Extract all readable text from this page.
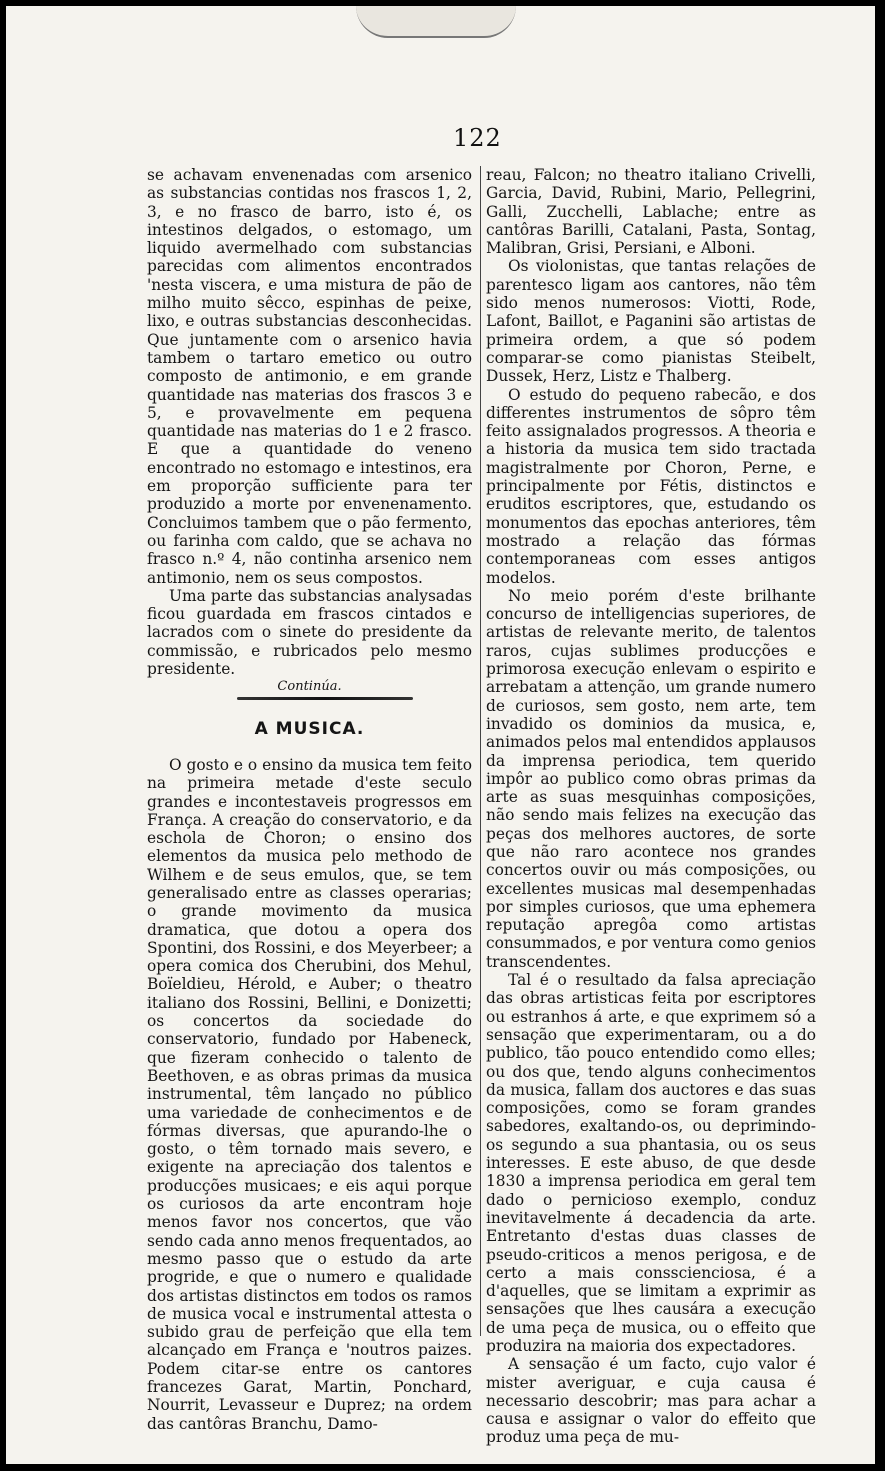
122

se achavam envenenadas com arsenico as substancias contidas nos frascos 1, 2, 3, e no frasco de barro, isto é, os intestinos delgados, o estomago, um liquido avermelhado com substancias parecidas com alimentos encontrados 'nesta viscera, e uma mistura de pão de milho muito sêcco, espinhas de peixe, lixo, e outras substancias desconhecidas. Que juntamente com o arsenico havia tambem o tartaro emetico ou outro composto de antimonio, e em grande quantidade nas materias dos frascos 3 e 5, e provavelmente em pequena quantidade nas materias do 1 e 2 frasco. E que a quantidade do veneno encontrado no estomago e intestinos, era em proporção sufficiente para ter produzido a morte por envenenamento. Concluimos tambem que o pão fermento, ou farinha com caldo, que se achava no frasco n.º 4, não continha arsenico nem antimonio, nem os seus compostos.

Uma parte das substancias analysadas ficou guardada em frascos cintados e lacrados com o sinete do presidente da commissão, e rubricados pelo mesmo presidente.

Continúa.

A MUSICA.

O gosto e o ensino da musica tem feito na primeira metade d'este seculo grandes e incontestaveis progressos em França. A creação do conservatorio, e da eschola de Choron; o ensino dos elementos da musica pelo methodo de Wilhem e de seus emulos, que, se tem generalisado entre as classes operarias; o grande movimento da musica dramatica, que dotou a opera dos Spontini, dos Rossini, e dos Meyerbeer; a opera comica dos Cherubini, dos Mehul, Boïeldieu, Hérold, e Auber; o theatro italiano dos Rossini, Bellini, e Donizetti; os concertos da sociedade do conservatorio, fundado por Habeneck, que fizeram conhecido o talento de Beethoven, e as obras primas da musica instrumental, têm lançado no público uma variedade de conhecimentos e de fórmas diversas, que apurando-lhe o gosto, o têm tornado mais severo, e exigente na apreciação dos talentos e producções musicaes; e eis aqui porque os curiosos da arte encontram hoje menos favor nos concertos, que vão sendo cada anno menos frequentados, ao mesmo passo que o estudo da arte progride, e que o numero e qualidade dos artistas distinctos em todos os ramos de musica vocal e instrumental attesta o subido grau de perfeição que ella tem alcançado em França e 'noutros paizes. Podem citar-se entre os cantores francezes Garat, Martin, Ponchard, Nourrit, Levasseur e Duprez; na ordem das cantôras Branchu, Damo-

reau, Falcon; no theatro italiano Crivelli, Garcia, David, Rubini, Mario, Pellegrini, Galli, Zucchelli, Lablache; entre as cantôras Barilli, Catalani, Pasta, Sontag, Malibran, Grisi, Persiani, e Alboni.

Os violonistas, que tantas relações de parentesco ligam aos cantores, não têm sido menos numerosos: Viotti, Rode, Lafont, Baillot, e Paganini são artistas de primeira ordem, a que só podem comparar-se como pianistas Steibelt, Dussek, Herz, Listz e Thalberg.

O estudo do pequeno rabecão, e dos differentes instrumentos de sôpro têm feito assignalados progressos. A theoria e a historia da musica tem sido tractada magistralmente por Choron, Perne, e principalmente por Fétis, distinctos e eruditos escriptores, que, estudando os monumentos das epochas anteriores, têm mostrado a relação das fórmas contemporaneas com esses antigos modelos.

No meio porém d'este brilhante concurso de intelligencias superiores, de artistas de relevante merito, de talentos raros, cujas sublimes producções e primorosa execução enlevam o espirito e arrebatam a attenção, um grande numero de curiosos, sem gosto, nem arte, tem invadido os dominios da musica, e, animados pelos mal entendidos applausos da imprensa periodica, tem querido impôr ao publico como obras primas da arte as suas mesquinhas composições, não sendo mais felizes na execução das peças dos melhores auctores, de sorte que não raro acontece nos grandes concertos ouvir ou más composições, ou excellentes musicas mal desempenhadas por simples curiosos, que uma ephemera reputação apregôa como artistas consummados, e por ventura como genios transcendentes.

Tal é o resultado da falsa apreciação das obras artisticas feita por escriptores ou estranhos á arte, e que exprimem só a sensação que experimentaram, ou a do publico, tão pouco entendido como elles; ou dos que, tendo alguns conhecimentos da musica, fallam dos auctores e das suas composições, como se foram grandes sabedores, exaltando-os, ou deprimindo-os segundo a sua phantasia, ou os seus interesses. E este abuso, de que desde 1830 a imprensa periodica em geral tem dado o pernicioso exemplo, conduz inevitavelmente á decadencia da arte. Entretanto d'estas duas classes de pseudo-criticos a menos perigosa, e de certo a mais consscienciosa, é a d'aquelles, que se limitam a exprimir as sensações que lhes causára a execução de uma peça de musica, ou o effeito que produzira na maioria dos expectadores.

A sensação é um facto, cujo valor é mister averiguar, e cuja causa é necessario descobrir; mas para achar a causa e assignar o valor do effeito que produz uma peça de mu-
